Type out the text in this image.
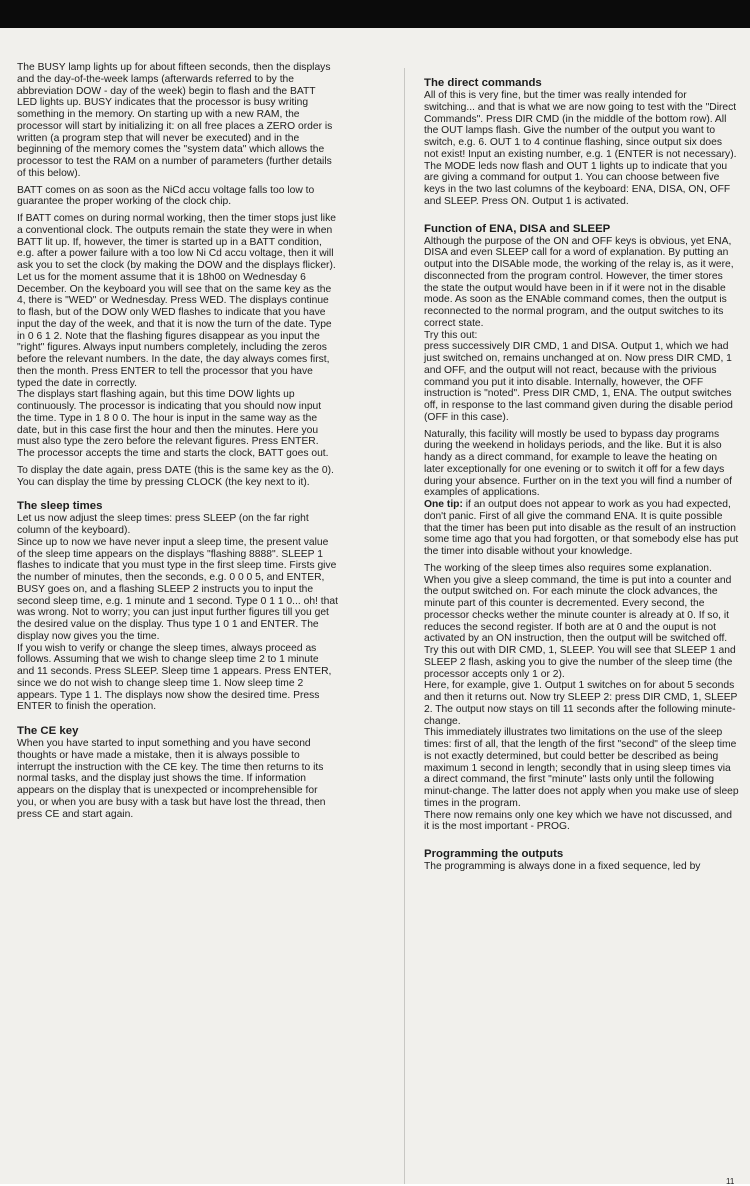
The BUSY lamp lights up for about fifteen seconds, then the displays and the day-of-the-week lamps (afterwards referred to by the abbreviation DOW - day of the week) begin to flash and the BATT LED lights up. BUSY indicates that the processor is busy writing something in the memory. On starting up with a new RAM, the processor will start by initializing it: on all free places a ZERO order is written (a program step that will never be executed) and in the beginning of the memory comes the "system data" which allows the processor to test the RAM on a number of parameters (further details of this below).

BATT comes on as soon as the NiCd accu voltage falls too low to guarantee the proper working of the clock chip.

If BATT comes on during normal working, then the timer stops just like a conventional clock. The outputs remain the state they were in when BATT lit up. If, however, the timer is started up in a BATT condition, e.g. after a power failure with a too low Ni Cd accu voltage, then it will ask you to set the clock (by making the DOW and the displays flicker).

Let us for the moment assume that it is 18h00 on Wednesday 6 December. On the keyboard you will see that on the same key as the 4, there is "WED" or Wednesday. Press WED. The displays continue to flash, but of the DOW only WED flashes to indicate that you have input the day of the week, and that it is now the turn of the date. Type in 0 6 1 2. Note that the flashing figures disappear as you input the "right" figures. Always input numbers completely, including the zeros before the relevant numbers. In the date, the day always comes first, then the month. Press ENTER to tell the processor that you have typed the date in correctly.

The displays start flashing again, but this time DOW lights up continuously. The processor is indicating that you should now input the time. Type in 1 8 0 0. The hour is input in the same way as the date, but in this case first the hour and then the minutes. Here you must also type the zero before the relevant figures. Press ENTER. The processor accepts the time and starts the clock, BATT goes out.

To display the date again, press DATE (this is the same key as the 0). You can display the time by pressing CLOCK (the key next to it).

The sleep times

Let us now adjust the sleep times: press SLEEP (on the far right column of the keyboard).

Since up to now we have never input a sleep time, the present value of the sleep time appears on the displays "flashing 8888". SLEEP 1 flashes to indicate that you must type in the first sleep time. Firsts give the number of minutes, then the seconds, e.g. 0 0 0 5, and ENTER, BUSY goes on, and a flashing SLEEP 2 instructs you to input the second sleep time, e.g. 1 minute and 1 second. Type 0 1 1 0... oh! that was wrong. Not to worry; you can just input further figures till you get the desired value on the display. Thus type 1 0 1 and ENTER. The display now gives you the time.

If you wish to verify or change the sleep times, always proceed as follows. Assuming that we wish to change sleep time 2 to 1 minute and 11 seconds. Press SLEEP. Sleep time 1 appears. Press ENTER, since we do not wish to change sleep time 1. Now sleep time 2 appears. Type 1 1. The displays now show the desired time. Press ENTER to finish the operation.

The CE key

When you have started to input something and you have second thoughts or have made a mistake, then it is always possible to interrupt the instruction with the CE key. The time then returns to its normal tasks, and the display just shows the time. If information appears on the display that is unexpected or incomprehensible for you, or when you are busy with a task but have lost the thread, then press CE and start again.

The direct commands

All of this is very fine, but the timer was really intended for switching... and that is what we are now going to test with the "Direct Commands". Press DIR CMD (in the middle of the bottom row). All the OUT lamps flash. Give the number of the output you want to switch, e.g. 6. OUT 1 to 4 continue flashing, since output six does not exist! Input an existing number, e.g. 1 (ENTER is not necessary). The MODE leds now flash and OUT 1 lights up to indicate that you are giving a command for output 1. You can choose between five keys in the two last columns of the keyboard: ENA, DISA, ON, OFF and SLEEP. Press ON. Output 1 is activated.

Function of ENA, DISA and SLEEP

Although the purpose of the ON and OFF keys is obvious, yet ENA, DISA and even SLEEP call for a word of explanation. By putting an output into the DISAble mode, the working of the relay is, as it were, disconnected from the program control. However, the timer stores the state the output would have been in if it were not in the disable mode. As soon as the ENAble command comes, then the output is reconnected to the normal program, and the output switches to its correct state.

Try this out:

press successively DIR CMD, 1 and DISA. Output 1, which we had just switched on, remains unchanged at on. Now press DIR CMD, 1 and OFF, and the output will not react, because with the privious command you put it into disable. Internally, however, the OFF instruction is "noted". Press DIR CMD, 1, ENA. The output switches off, in response to the last command given during the disable period (OFF in this case).

Naturally, this facility will mostly be used to bypass day programs during the weekend in holidays periods, and the like. But it is also handy as a direct command, for example to leave the heating on later exceptionally for one evening or to switch it off for a few days during your absence. Further on in the text you will find a number of examples of applications.

One tip: if an output does not appear to work as you had expected, don't panic. First of all give the command ENA. It is quite possible that the timer has been put into disable as the result of an instruction some time ago that you had forgotten, or that somebody else has put the timer into disable without your knowledge.

The working of the sleep times also requires some explanation. When you give a sleep command, the time is put into a counter and the output switched on. For each minute the clock advances, the minute part of this counter is decremented. Every second, the processor checks wether the minute counter is already at 0. If so, it reduces the second register. If both are at 0 and the ouput is not activated by an ON instruction, then the output will be switched off. Try this out with DIR CMD, 1, SLEEP. You will see that SLEEP 1 and SLEEP 2 flash, asking you to give the number of the sleep time (the processor accepts only 1 or 2).

Here, for example, give 1. Output 1 switches on for about 5 seconds and then it returns out. Now try SLEEP 2: press DIR CMD, 1, SLEEP 2. The output now stays on till 11 seconds after the following minute-change.

This immediately illustrates two limitations on the use of the sleep times: first of all, that the length of the first "second" of the sleep time is not exactly determined, but could better be described as being maximum 1 second in length; secondly that in using sleep times via a direct command, the first "minute" lasts only until the following minut-change. The latter does not apply when you make use of sleep times in the program.

There now remains only one key which we have not discussed, and it is the most important - PROG.

Programming the outputs

The programming is always done in a fixed sequence, led by

11
